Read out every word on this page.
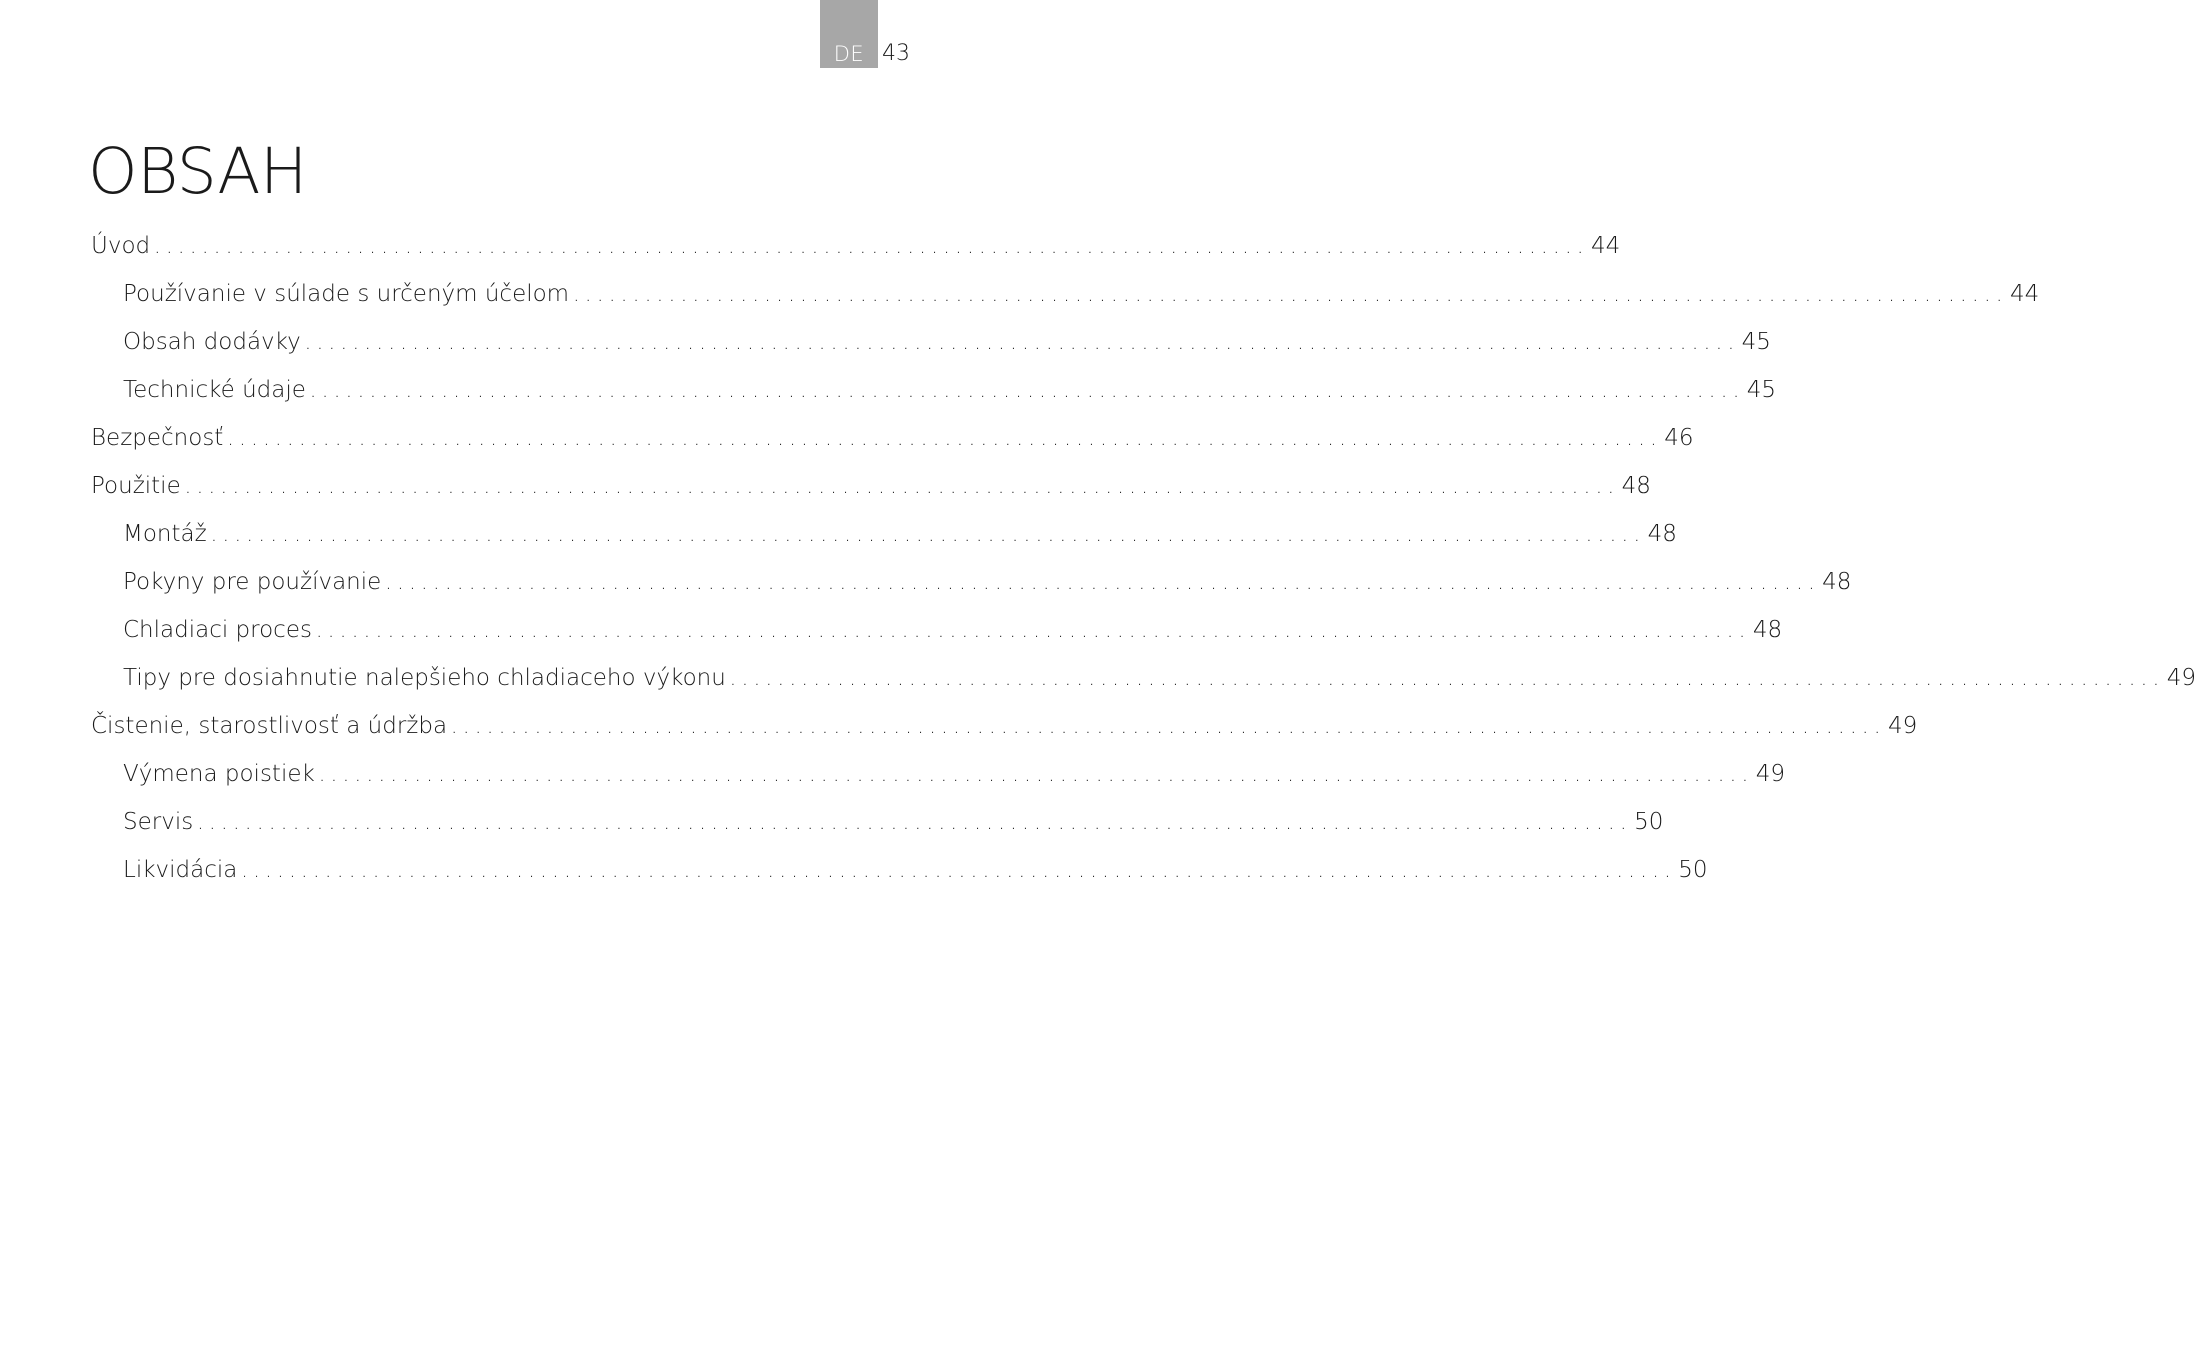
DE 43
OBSAH
Úvod ........................................................................................................................ 44
Používanie v súlade s určeným účelom ........................................................................................................................ 44
Obsah dodávky ........................................................................................................................ 45
Technické údaje ........................................................................................................................ 45
Bezpečnosť ........................................................................................................................ 46
Použitie ........................................................................................................................ 48
Montáž ........................................................................................................................ 48
Pokyny pre používanie ........................................................................................................................ 48
Chladiaci proces ........................................................................................................................ 48
Tipy pre dosiahnutie nalepšieho chladiaceho výkonu ........................................................................................................................ 49
Čistenie, starostlivosť a údržba ........................................................................................................................ 49
Výmena poistiek ........................................................................................................................ 49
Servis ........................................................................................................................ 50
Likvidácia ........................................................................................................................ 50
